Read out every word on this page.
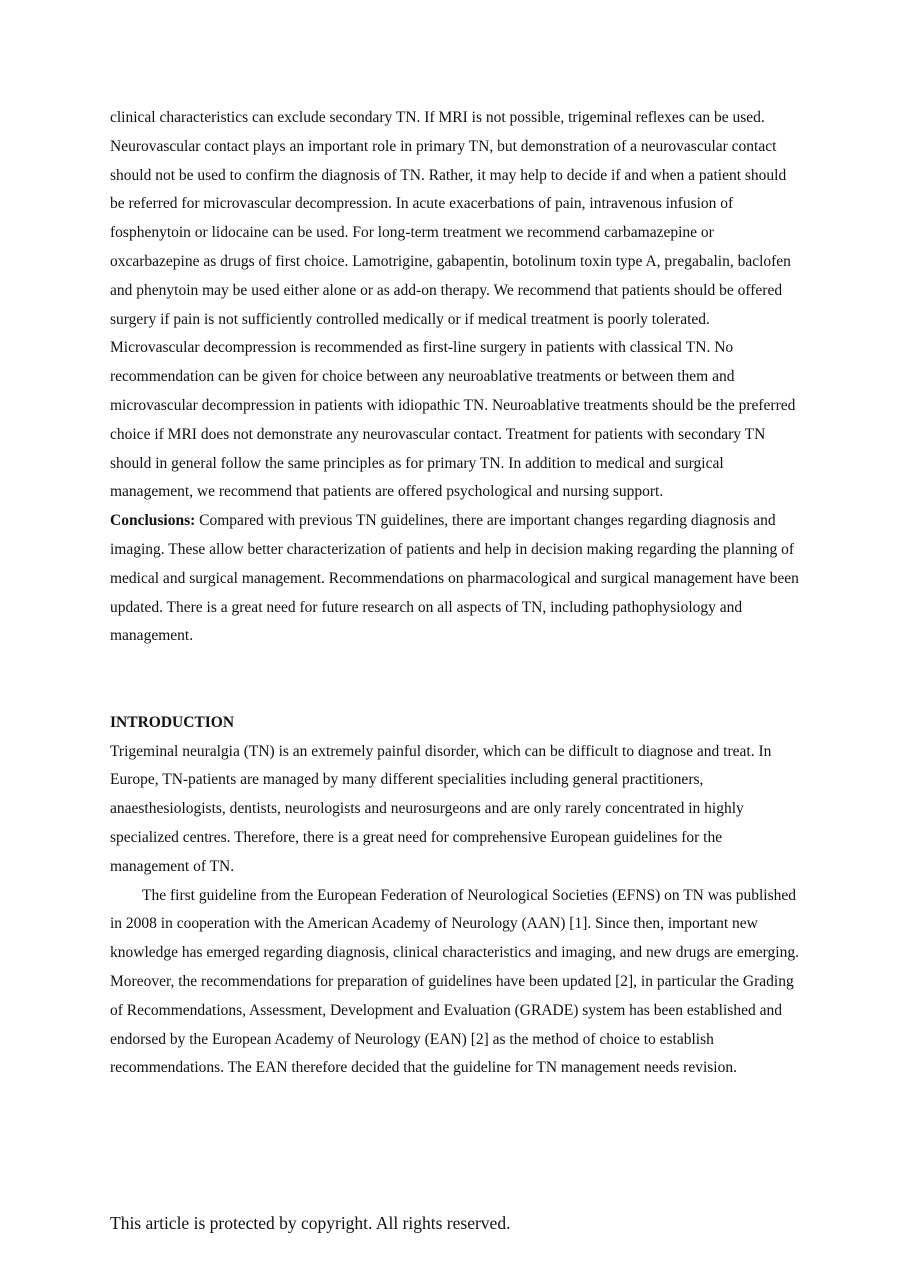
clinical characteristics can exclude secondary TN. If MRI is not possible, trigeminal reflexes can be used. Neurovascular contact plays an important role in primary TN, but demonstration of a neurovascular contact should not be used to confirm the diagnosis of TN. Rather, it may help to decide if and when a patient should be referred for microvascular decompression. In acute exacerbations of pain, intravenous infusion of fosphenytoin or lidocaine can be used. For long-term treatment we recommend carbamazepine or oxcarbazepine as drugs of first choice. Lamotrigine, gabapentin, botolinum toxin type A, pregabalin, baclofen and phenytoin may be used either alone or as add-on therapy. We recommend that patients should be offered surgery if pain is not sufficiently controlled medically or if medical treatment is poorly tolerated. Microvascular decompression is recommended as first-line surgery in patients with classical TN. No recommendation can be given for choice between any neuroablative treatments or between them and microvascular decompression in patients with idiopathic TN. Neuroablative treatments should be the preferred choice if MRI does not demonstrate any neurovascular contact. Treatment for patients with secondary TN should in general follow the same principles as for primary TN. In addition to medical and surgical management, we recommend that patients are offered psychological and nursing support.

Conclusions: Compared with previous TN guidelines, there are important changes regarding diagnosis and imaging. These allow better characterization of patients and help in decision making regarding the planning of medical and surgical management. Recommendations on pharmacological and surgical management have been updated. There is a great need for future research on all aspects of TN, including pathophysiology and management.

INTRODUCTION

Trigeminal neuralgia (TN) is an extremely painful disorder, which can be difficult to diagnose and treat. In Europe, TN-patients are managed by many different specialities including general practitioners, anaesthesiologists, dentists, neurologists and neurosurgeons and are only rarely concentrated in highly specialized centres. Therefore, there is a great need for comprehensive European guidelines for the management of TN.

The first guideline from the European Federation of Neurological Societies (EFNS) on TN was published in 2008 in cooperation with the American Academy of Neurology (AAN) [1]. Since then, important new knowledge has emerged regarding diagnosis, clinical characteristics and imaging, and new drugs are emerging. Moreover, the recommendations for preparation of guidelines have been updated [2], in particular the Grading of Recommendations, Assessment, Development and Evaluation (GRADE) system has been established and endorsed by the European Academy of Neurology (EAN) [2] as the method of choice to establish recommendations. The EAN therefore decided that the guideline for TN management needs revision.

This article is protected by copyright. All rights reserved.
